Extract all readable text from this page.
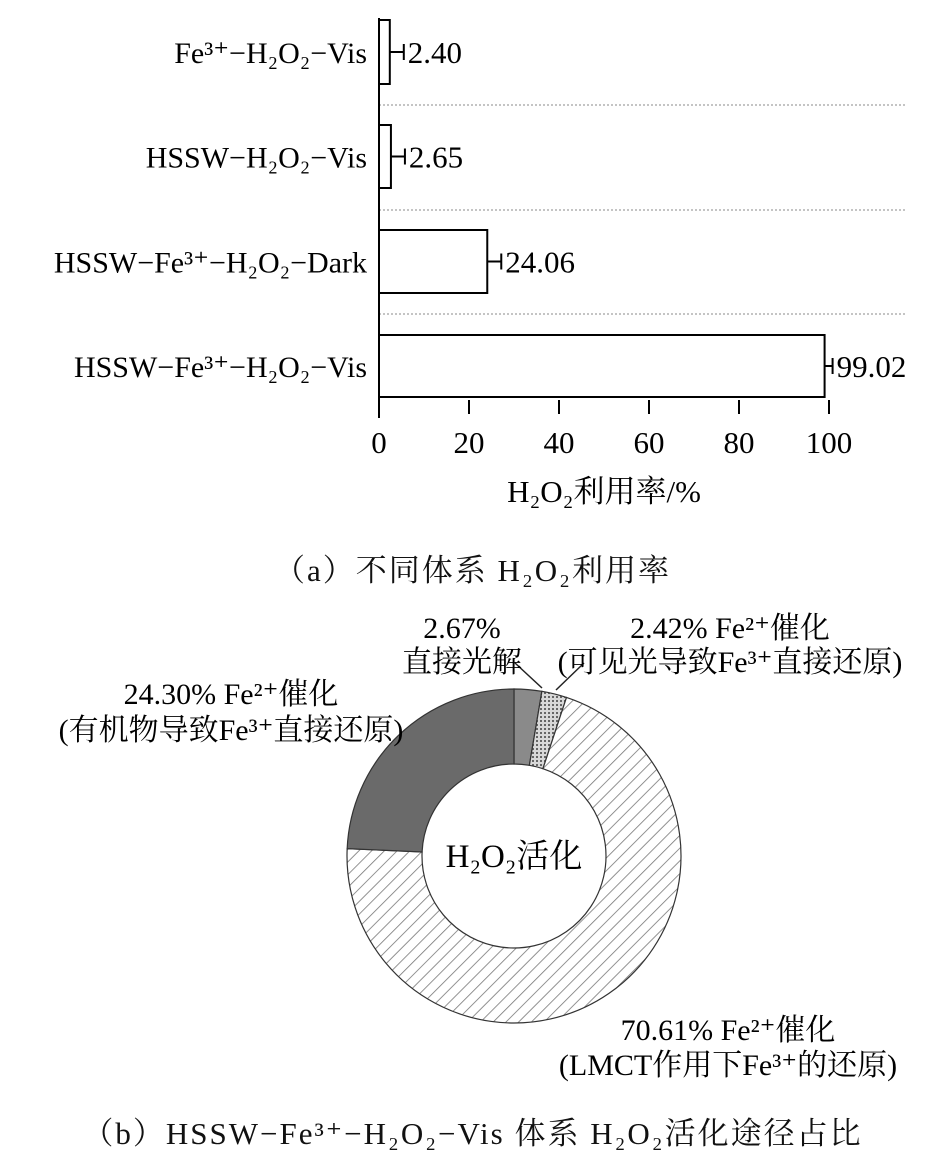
0 20 40 60 80 100
H₂O₂利用率/%
2.40
Fe³⁺−H₂O₂−Vis
2.65
HSSW−H₂O₂−Vis
24.06
HSSW−Fe³⁺−H₂O₂−Dark
99.02
HSSW−Fe³⁺−H₂O₂−Vis
H₂O₂活化
2.67%
直接光解
2.42% Fe²⁺催化
(可见光导致Fe³⁺直接还原)
24.30% Fe²⁺催化
(有机物导致Fe³⁺直接还原)
70.61% Fe²⁺催化
(LMCT作用下Fe³⁺的还原)
（a）不同体系 H₂O₂利用率
（b）HSSW−Fe³⁺−H₂O₂−Vis 体系 H₂O₂活化途径占比
